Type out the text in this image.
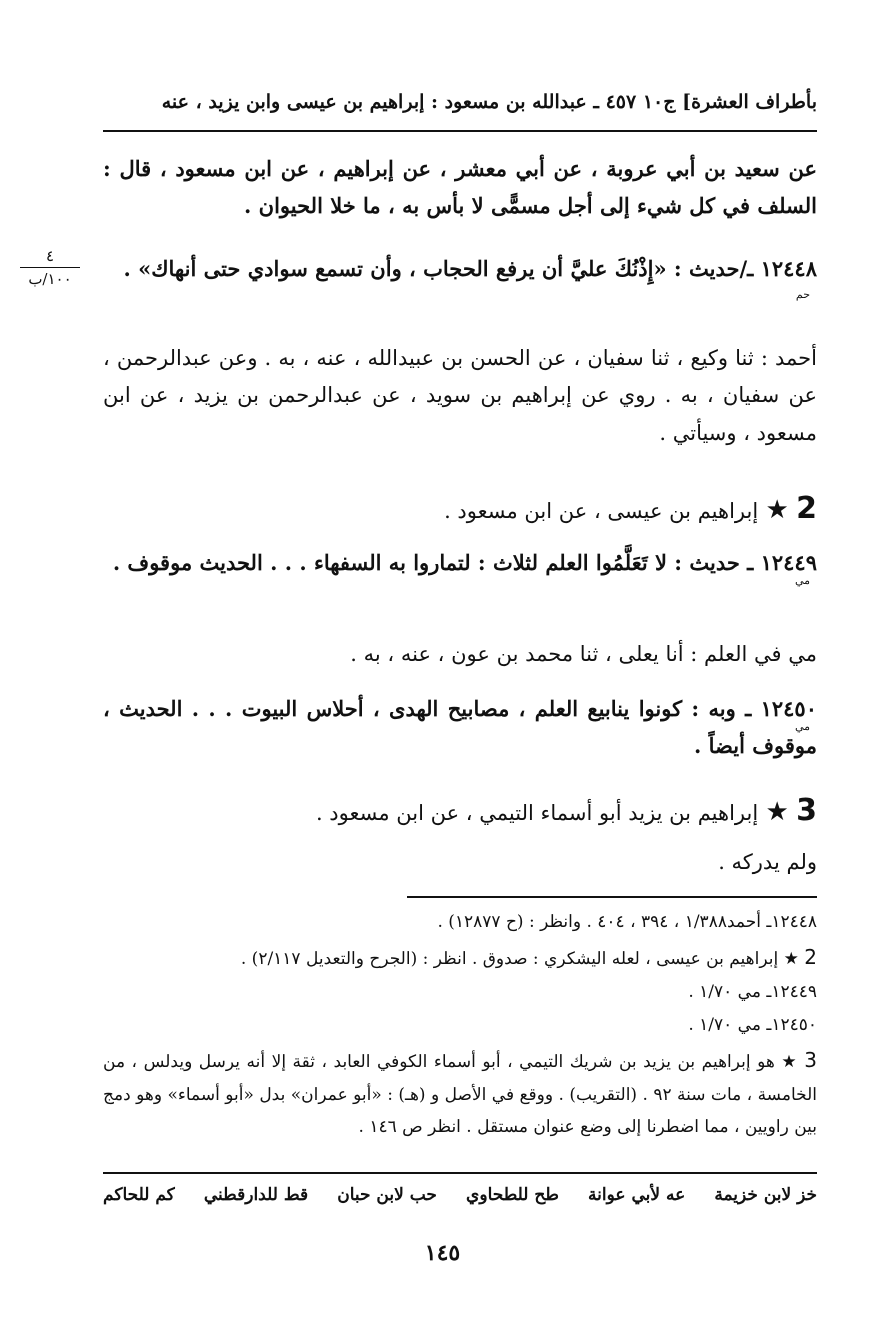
بأطراف العشرة] ج١٠ ٤٥٧ ـ عبدالله بن مسعود : إبراهيم بن عيسى وابن يزيد ، عنه
٤
١٠٠/ب
عن سعيد بن أبي عروبة ، عن أبي معشر ، عن إبراهيم ، عن ابن مسعود ، قال : السلف في كل شيء إلى أجل مسمًّى لا بأس به ، ما خلا الحيوان .
١٢٤٤٨ ـ/حديث : «إِذْنُكَ عليَّ أن يرفع الحجاب ، وأن تسمع سوادي حتى أنهاك» .
حم
أحمد : ثنا وكيع ، ثنا سفيان ، عن الحسن بن عبيدالله ، عنه ، به . وعن عبدالرحمن ، عن سفيان ، به . روي عن إبراهيم بن سويد ، عن عبدالرحمن بن يزيد ، عن ابن مسعود ، وسيأتي .
2 ★ إبراهيم بن عيسى ، عن ابن مسعود .
١٢٤٤٩ ـ حديث : لا تَعَلَّمُوا العلم لثلاث : لتماروا به السفهاء . . . الحديث موقوف .
مي
مي في العلم : أنا يعلى ، ثنا محمد بن عون ، عنه ، به .
١٢٤٥٠ ـ وبه : كونوا ينابيع العلم ، مصابيح الهدى ، أحلاس البيوت . . . الحديث ، موقوف أيضاً .
مي
3 ★ إبراهيم بن يزيد أبو أسماء التيمي ، عن ابن مسعود .
ولم يدركه .
١٢٤٤٨ـ أحمد١/٣٨٨ ، ٣٩٤ ، ٤٠٤ . وانظر : (ح ١٢٨٧٧) .
2 ★ إبراهيم بن عيسى ، لعله اليشكري : صدوق . انظر : (الجرح والتعديل ٢/١١٧) .
١٢٤٤٩ـ مي ١/٧٠ .
١٢٤٥٠ـ مي ١/٧٠ .
3 ★ هو إبراهيم بن يزيد بن شريك التيمي ، أبو أسماء الكوفي العابد ، ثقة إلا أنه يرسل ويدلس ، من الخامسة ، مات سنة ٩٢ . (التقريب) . ووقع في الأصل و (هـ) : «أبو عمران» بدل «أبو أسماء» وهو دمج بين راويين ، مما اضطرنا إلى وضع عنوان مستقل . انظر ص ١٤٦ .
خز لابن خزيمة
عه لأبي عوانة
طح للطحاوي
حب لابن حبان
قط للدارقطني
كم للحاكم
١٤٥
